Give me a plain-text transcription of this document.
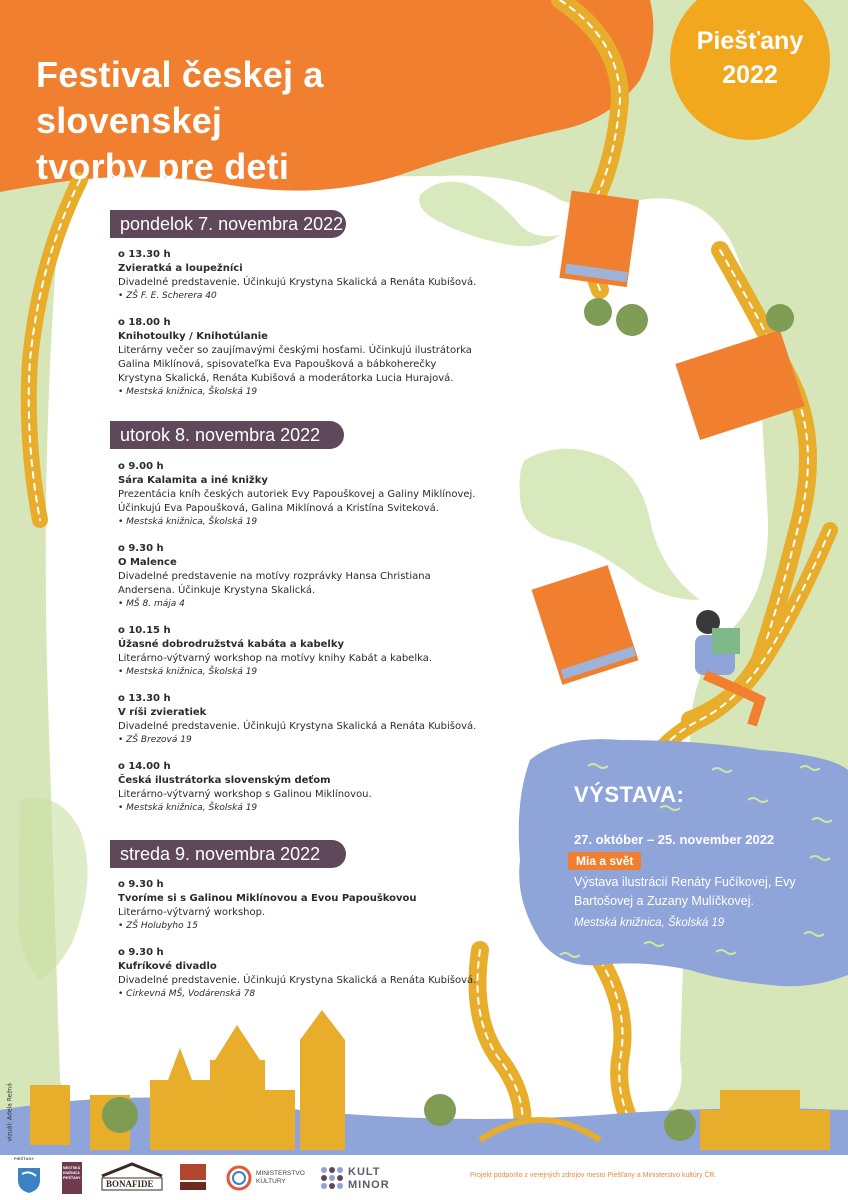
Festival českej a slovenskej
tvorby pre deti
Piešťany
2022
pondelok 7. novembra 2022
o 13.30 h
Zvieratká a loupežníci
Divadelné predstavenie. Účinkujú Krystyna Skalická a Renáta Kubišová.
• ZŠ F. E. Scherera 40
o 18.00 h
Knihotoulky / Knihotúlanie
Literárny večer so zaujímavými českými hosťami. Účinkujú ilustrátorka Galina Miklínová, spisovateľka Eva Papoušková a bábkoherečky Krystyna Skalická, Renáta Kubišová a moderátorka Lucia Hurajová.
• Mestská knižnica, Školská 19
utorok 8. novembra 2022
o 9.00 h
Sára Kalamita a iné knižky
Prezentácia kníh českých autoriek Evy Papouškovej a Galiny Miklínovej. Účinkujú Eva Papoušková, Galina Miklínová a Kristína Sviteková.
• Mestská knižnica, Školská 19
o 9.30 h
O Malence
Divadelné predstavenie na motívy rozprávky Hansa Christiana Andersena. Účinkuje Krystyna Skalická.
• MŠ 8. mája 4
o 10.15 h
Úžasné dobrodružstvá kabáta a kabelky
Literárno-výtvarný workshop na motívy knihy Kabát a kabelka.
• Mestská knižnica, Školská 19
o 13.30 h
V ríši zvieratiek
Divadelné predstavenie. Účinkujú Krystyna Skalická a Renáta Kubišová.
• ZŠ Brezová 19
o 14.00 h
Česká ilustrátorka slovenským deťom
Literárno-výtvarný workshop s Galinou Miklínovou.
• Mestská knižnica, Školská 19
streda 9. novembra 2022
o 9.30 h
Tvoríme si s Galinou Miklínovou a Evou Papouškovou
Literárno-výtvarný workshop.
• ZŠ Holubyho 15
o 9.30 h
Kufríkové divadlo
Divadelné predstavenie. Účinkujú Krystyna Skalická a Renáta Kubišová.
• Cirkevná MŠ, Vodárenská 78
VÝSTAVA:
27. október – 25. november 2022
Mia a svět
Výstava ilustrácií Renáty Fučíkovej, Evy Bartošovej a Zuzany Mulíčkovej.
Mestská knižnica, Školská 19
vizuál: Adela Režná
PIEŠŤANY
MESTSKÁ KNIŽNICA PIEŠŤANY
BONAFIDE
MINISTERSTVO KULTURY
KULT
MINOR
Projekt podporilo z verejných zdrojov mesto Piešťany a Ministerstvo kultúry ČR.
